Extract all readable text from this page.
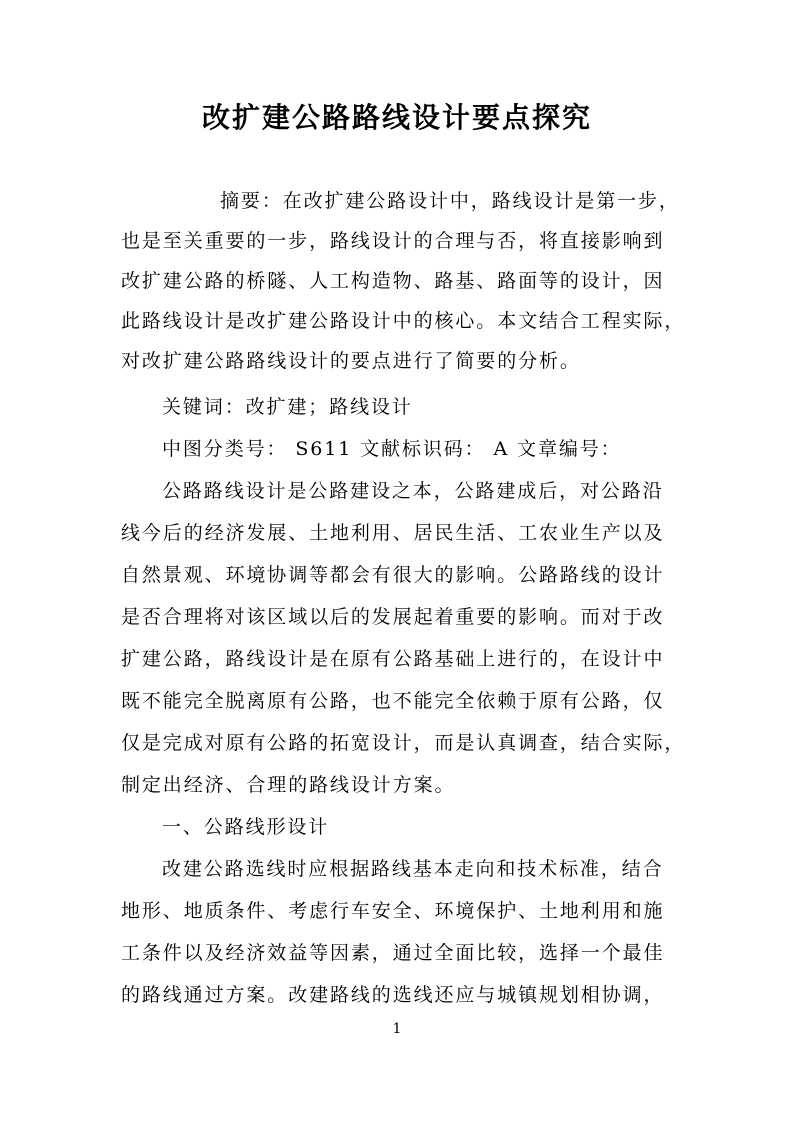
改扩建公路路线设计要点探究
摘要：在改扩建公路设计中，路线设计是第一步，
也是至关重要的一步，路线设计的合理与否，将直接影响到
改扩建公路的桥隧、人工构造物、路基、路面等的设计，因
此路线设计是改扩建公路设计中的核心。本文结合工程实际，
对改扩建公路路线设计的要点进行了简要的分析。
关键词：改扩建；路线设计
中图分类号： S611 文献标识码： A 文章编号：
公路路线设计是公路建设之本，公路建成后，对公路沿
线今后的经济发展、土地利用、居民生活、工农业生产以及
自然景观、环境协调等都会有很大的影响。公路路线的设计
是否合理将对该区域以后的发展起着重要的影响。而对于改
扩建公路，路线设计是在原有公路基础上进行的，在设计中
既不能完全脱离原有公路，也不能完全依赖于原有公路，仅
仅是完成对原有公路的拓宽设计，而是认真调查，结合实际，
制定出经济、合理的路线设计方案。
一、公路线形设计
改建公路选线时应根据路线基本走向和技术标准，结合
地形、地质条件、考虑行车安全、环境保护、土地利用和施
工条件以及经济效益等因素，通过全面比较，选择一个最佳
的路线通过方案。改建路线的选线还应与城镇规划相协调，
1
